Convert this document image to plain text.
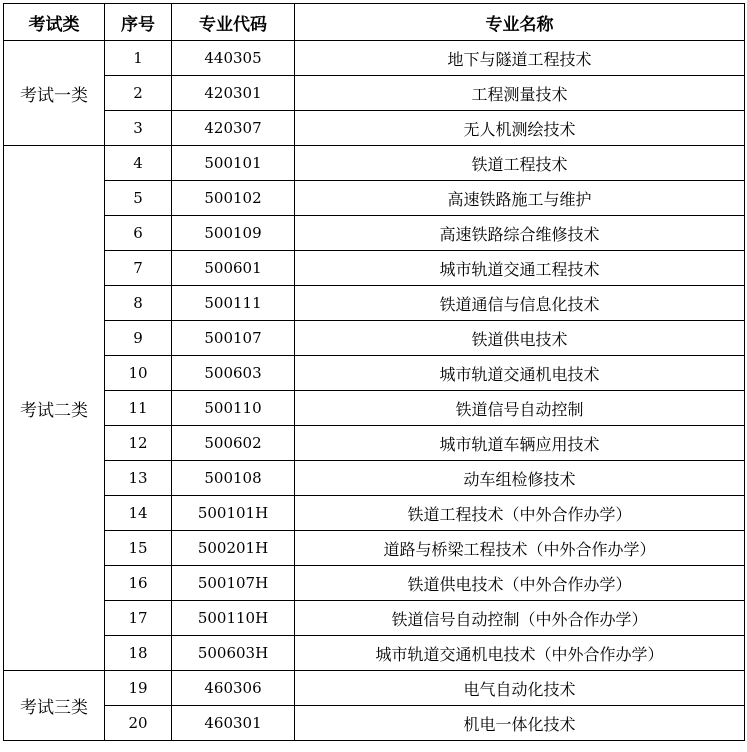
考试类	序号	专业代码	专业名称
考试一类	1	440305	地下与隧道工程技术
	2	420301	工程测量技术
	3	420307	无人机测绘技术
考试二类	4	500101	铁道工程技术
	5	500102	高速铁路施工与维护
	6	500109	高速铁路综合维修技术
	7	500601	城市轨道交通工程技术
	8	500111	铁道通信与信息化技术
	9	500107	铁道供电技术
	10	500603	城市轨道交通机电技术
	11	500110	铁道信号自动控制
	12	500602	城市轨道车辆应用技术
	13	500108	动车组检修技术
	14	500101H	铁道工程技术（中外合作办学）
	15	500201H	道路与桥梁工程技术（中外合作办学）
	16	500107H	铁道供电技术（中外合作办学）
	17	500110H	铁道信号自动控制（中外合作办学）
	18	500603H	城市轨道交通机电技术（中外合作办学）
考试三类	19	460306	电气自动化技术
	20	460301	机电一体化技术
